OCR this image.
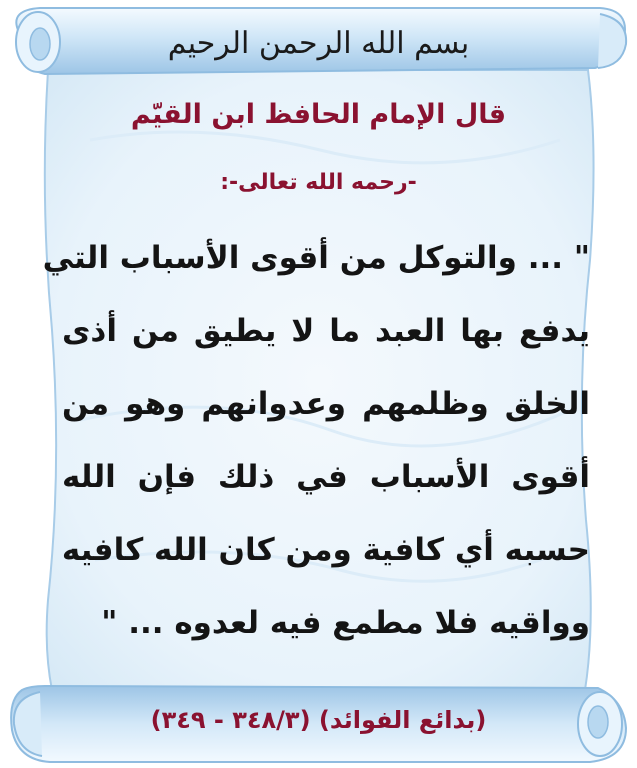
بسم الله الرحمن الرحيم
قال الإمام الحافظ ابن القيّم
-رحمه الله تعالى-:
" ... والتوكل من أقوى الأسباب التي
يدفع بها العبد ما لا يطيق من أذى
الخلق وظلمهم وعدوانهم وهو من
أقوى الأسباب في ذلك فإن الله
حسبه أي كافية ومن كان الله كافيه
وواقيه فلا مطمع فيه لعدوه ... "
(بدائع الفوائد) (٣٤٨/٣ - ٣٤٩)
